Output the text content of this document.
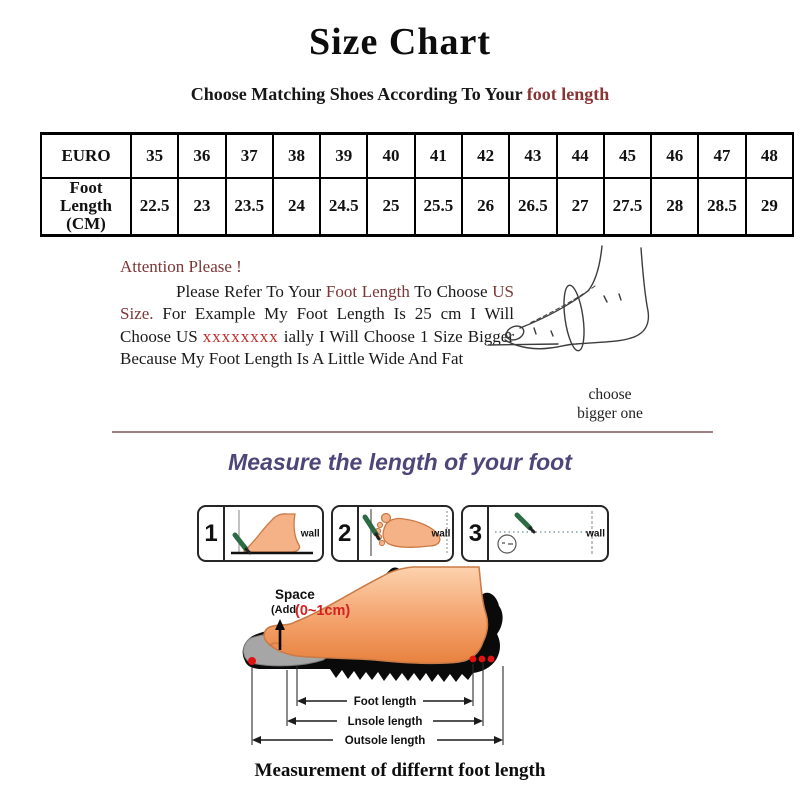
Size Chart
Choose Matching Shoes According To Your foot length
EURO	35	36	37	38	39	40	41	42	43	44	45	46	47	48
Foot Length (CM)	22.5	23	23.5	24	24.5	25	25.5	26	26.5	27	27.5	28	28.5	29
Attention Please !

Please Refer To Your Foot Length To Choose US Size. For Example My Foot Length Is 25 cm I Will Choose US xxxxxxxx ially I Will Choose 1 Size Bigger Because My Foot Length Is A Little Wide And Fat

choose
bigger one
Measure the length of your foot
1	wall 2	wall 3	wall
Space
(Add
(0~1cm)
Foot length
Lnsole length
Outsole length
Measurement of differnt foot length
